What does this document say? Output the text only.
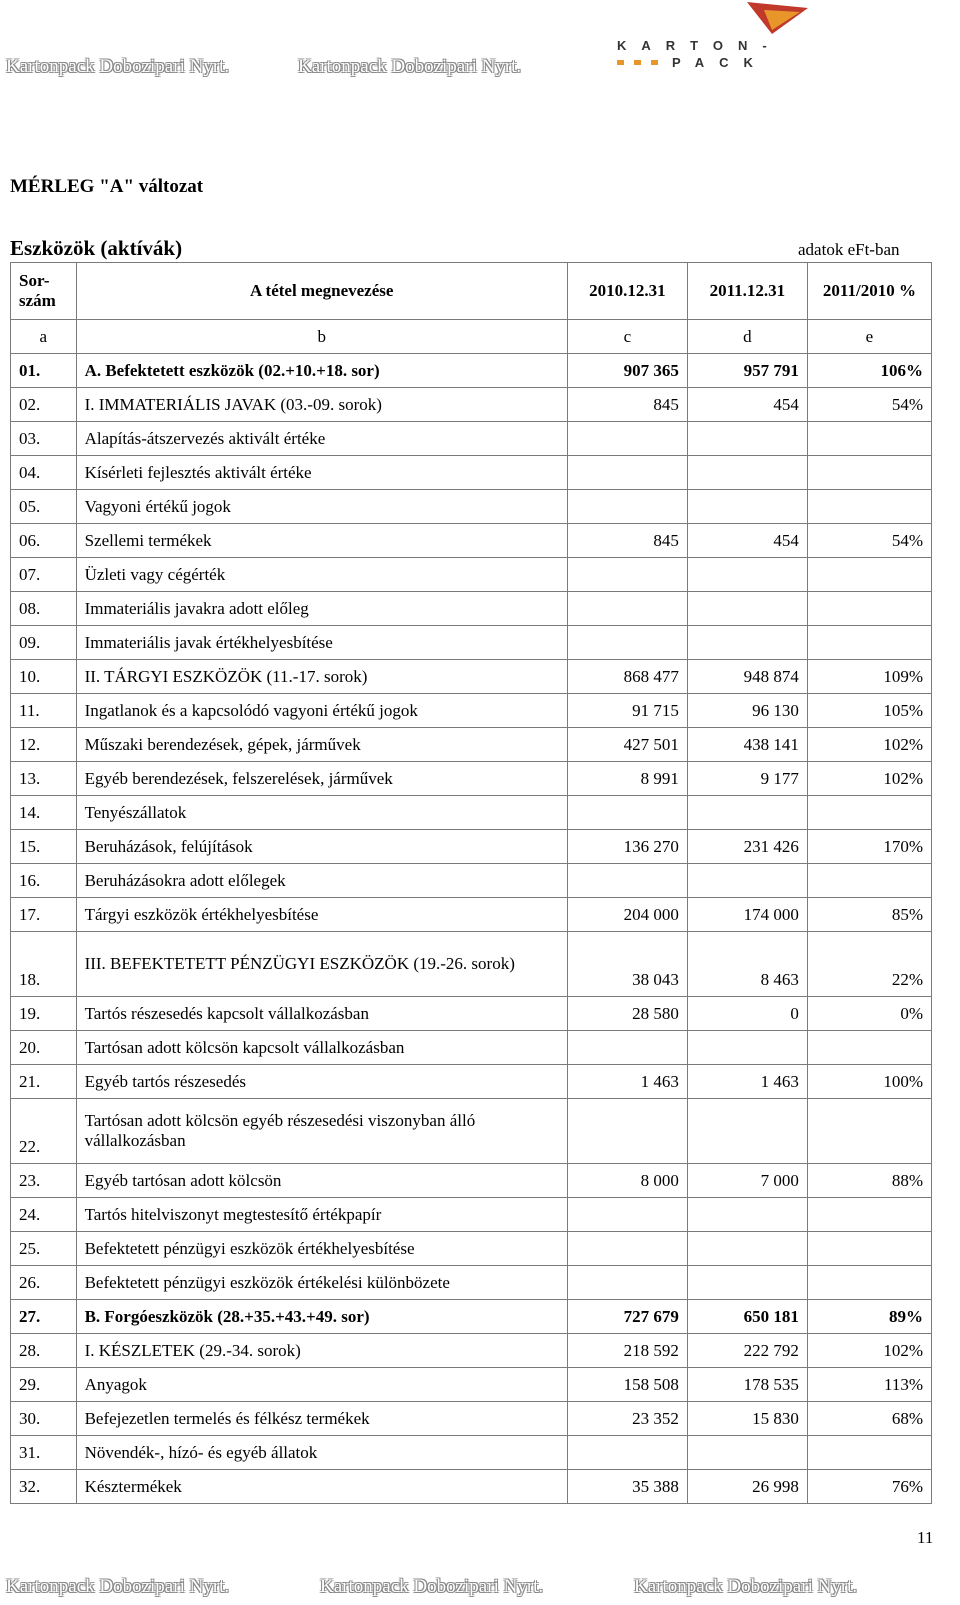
Kartonpack Dobozipari Nyrt.	Kartonpack Dobozipari Nyrt.
Kartonpack Dobozipari Nyrt.	Kartonpack Dobozipari Nyrt.	Kartonpack Dobozipari Nyrt.
KARTON-
PACK
MÉRLEG "A" változat
Eszközök (aktívák)	adatok eFt-ban
Sor-szám	A tétel megnevezése	2010.12.31	2011.12.31	2011/2010 %
a	b	c	d	e
01.	A. Befektetett eszközök (02.+10.+18. sor)	907 365	957 791	106%
02.	I. IMMATERIÁLIS JAVAK (03.-09. sorok)	845	454	54%
03.	Alapítás-átszervezés aktivált értéke			
04.	Kísérleti fejlesztés aktivált értéke			
05.	Vagyoni értékű jogok			
06.	Szellemi termékek	845	454	54%
07.	Üzleti vagy cégérték			
08.	Immateriális javakra adott előleg			
09.	Immateriális javak értékhelyesbítése			
10.	II. TÁRGYI ESZKÖZÖK (11.-17. sorok)	868 477	948 874	109%
11.	Ingatlanok és a kapcsolódó vagyoni értékű jogok	91 715	96 130	105%
12.	Műszaki berendezések, gépek, járművek	427 501	438 141	102%
13.	Egyéb berendezések, felszerelések, járművek	8 991	9 177	102%
14.	Tenyészállatok			
15.	Beruházások, felújítások	136 270	231 426	170%
16.	Beruházásokra adott előlegek			
17.	Tárgyi eszközök értékhelyesbítése	204 000	174 000	85%
18.	III. BEFEKTETETT PÉNZÜGYI ESZKÖZÖK (19.-26. sorok)	38 043	8 463	22%
19.	Tartós részesedés kapcsolt vállalkozásban	28 580	0	0%
20.	Tartósan adott kölcsön kapcsolt vállalkozásban			
21.	Egyéb tartós részesedés	1 463	1 463	100%
22.	Tartósan adott kölcsön egyéb részesedési viszonyban álló vállalkozásban			
23.	Egyéb tartósan adott kölcsön	8 000	7 000	88%
24.	Tartós hitelviszonyt megtestesítő értékpapír			
25.	Befektetett pénzügyi eszközök értékhelyesbítése			
26.	Befektetett pénzügyi eszközök értékelési különbözete			
27.	B. Forgóeszközök (28.+35.+43.+49. sor)	727 679	650 181	89%
28.	I. KÉSZLETEK (29.-34. sorok)	218 592	222 792	102%
29.	Anyagok	158 508	178 535	113%
30.	Befejezetlen termelés és félkész termékek	23 352	15 830	68%
31.	Növendék-, hízó- és egyéb állatok			
32.	Késztermékek	35 388	26 998	76%
11
